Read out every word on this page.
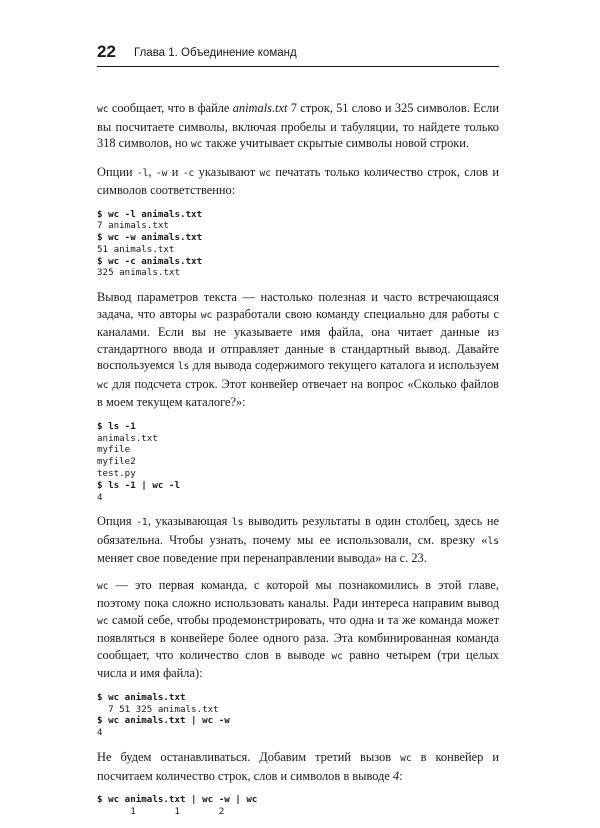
22 Глава 1. Объединение команд

wc сообщает, что в файле animals.txt 7 строк, 51 слово и 325 символов. Если вы посчитаете символы, включая пробелы и табуляции, то найдете только 318 символов, но wc также учитывает скрытые символы новой строки.

Опции -l, -w и -c указывают wc печатать только количество строк, слов и символов соответственно:

$ wc -l animals.txt
7 animals.txt
$ wc -w animals.txt
51 animals.txt
$ wc -c animals.txt
325 animals.txt

Вывод параметров текста — настолько полезная и часто встречающаяся задача, что авторы wc разработали свою команду специально для работы с каналами. Если вы не указываете имя файла, она читает данные из стандартного ввода и отправляет данные в стандартный вывод. Давайте воспользуемся ls для вывода содержимого текущего каталога и используем wc для подсчета строк. Этот конвейер отвечает на вопрос «Сколько файлов в моем текущем каталоге?»:

$ ls -1
animals.txt
myfile
myfile2
test.py
$ ls -1 | wc -l
4

Опция -1, указывающая ls выводить результаты в один столбец, здесь не обязательна. Чтобы узнать, почему мы ее использовали, см. врезку «ls меняет свое поведение при перенаправлении вывода» на с. 23.

wc — это первая команда, с которой мы познакомились в этой главе, поэтому пока сложно использовать каналы. Ради интереса направим вывод wc самой себе, чтобы продемонстрировать, что одна и та же команда может появляться в конвейере более одного раза. Эта комбинированная команда сообщает, что количество слов в выводе wc равно четырем (три целых числа и имя файла):

$ wc animals.txt
7 51 325 animals.txt
$ wc animals.txt | wc -w
4

Не будем останавливаться. Добавим третий вызов wc в конвейер и посчитаем количество строк, слов и символов в выводе 4:

$ wc animals.txt | wc -w | wc
1       1       2
